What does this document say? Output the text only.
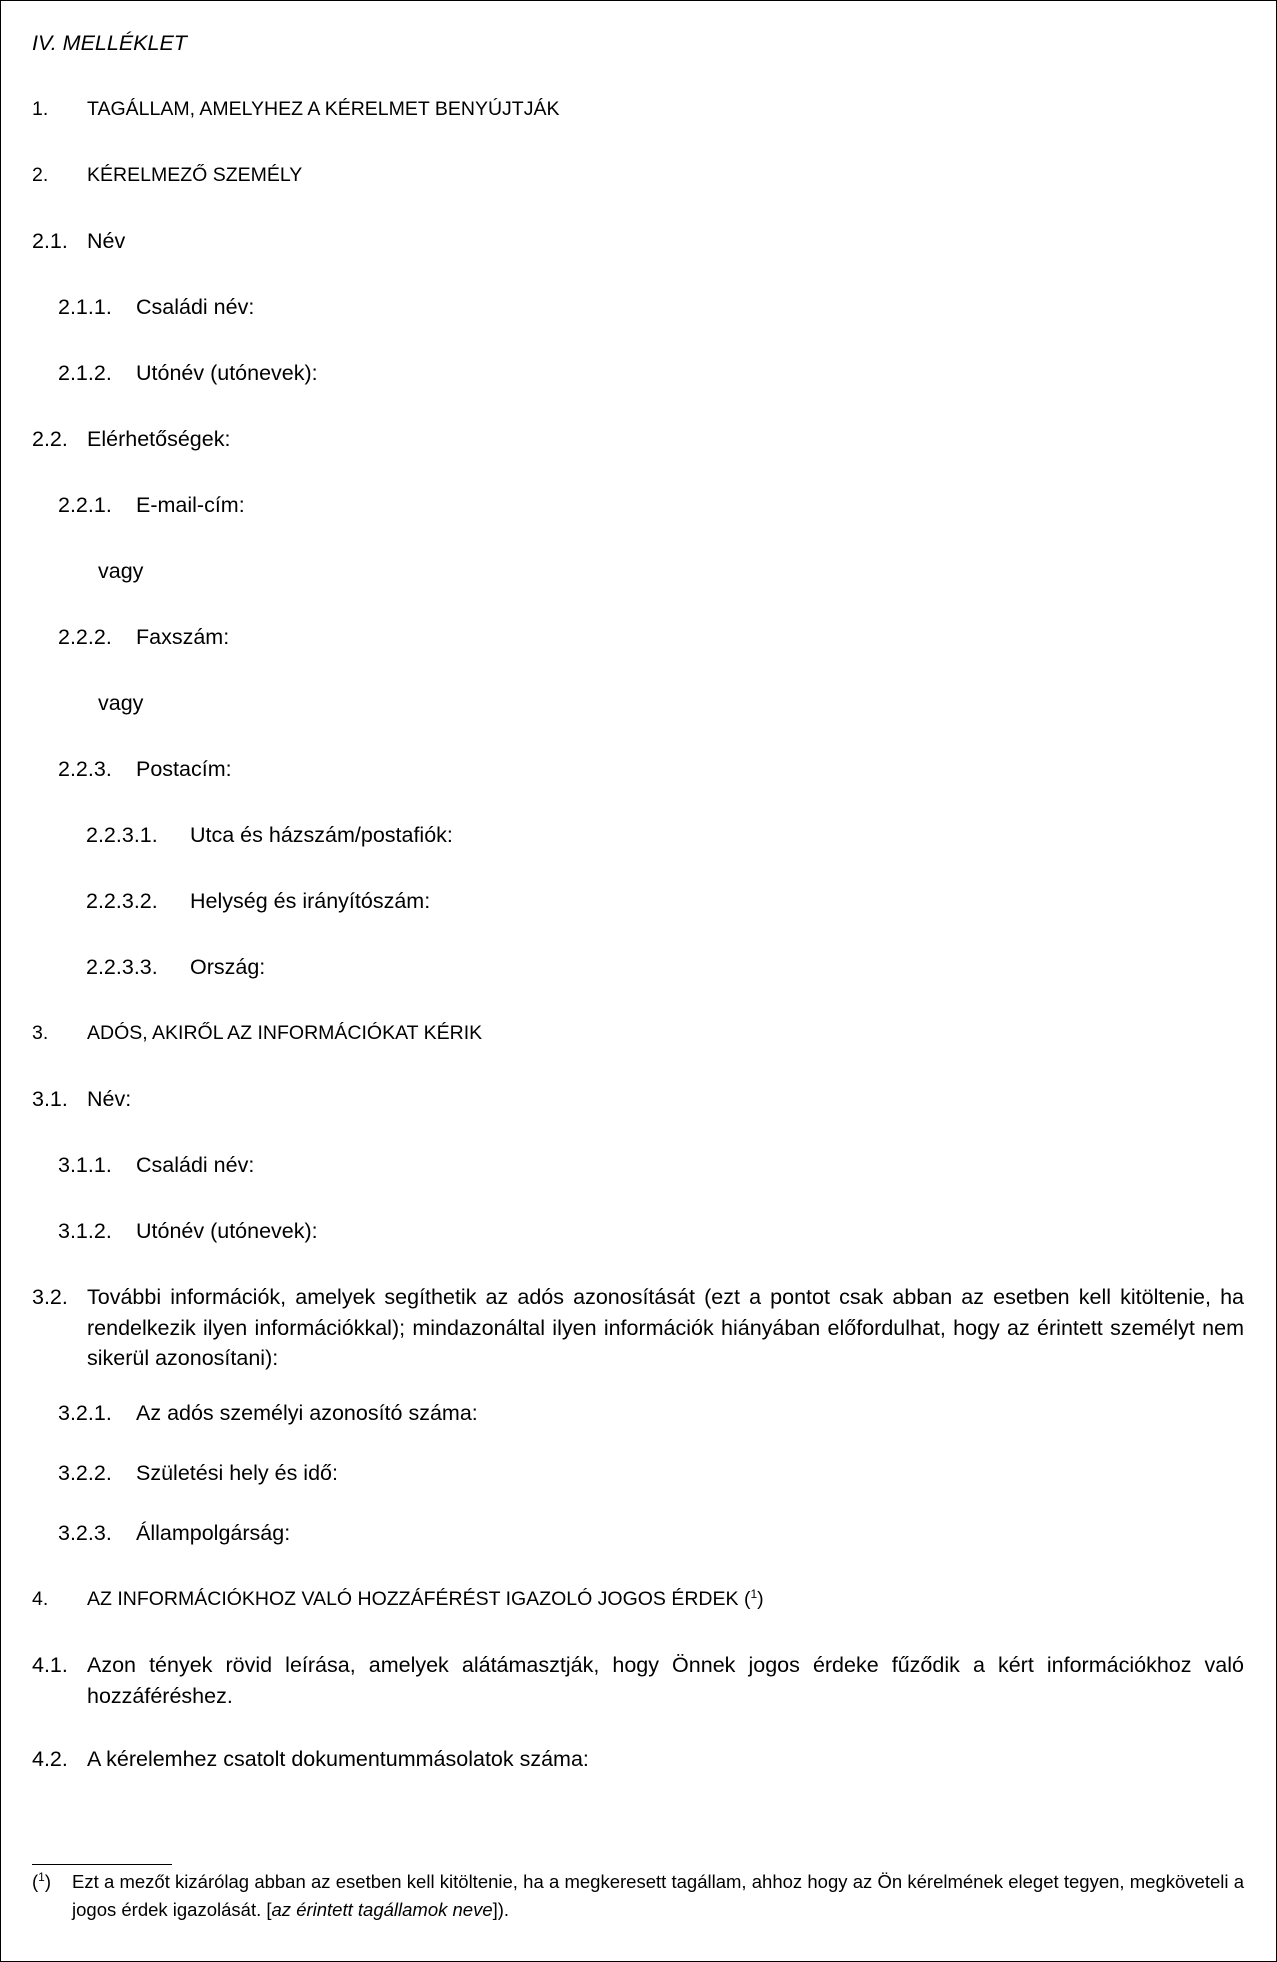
IV. MELLÉKLET
1. TAGÁLLAM, AMELYHEZ A KÉRELMET BENYÚJTJÁK
2. KÉRELMEZŐ SZEMÉLY
2.1. Név
2.1.1. Családi név:
2.1.2. Utónév (utónevek):
2.2. Elérhetőségek:
2.2.1. E-mail-cím:
vagy
2.2.2. Faxszám:
vagy
2.2.3. Postacím:
2.2.3.1. Utca és házszám/postafiók:
2.2.3.2. Helység és irányítószám:
2.2.3.3. Ország:
3. ADÓS, AKIRŐL AZ INFORMÁCIÓKAT KÉRIK
3.1. Név:
3.1.1. Családi név:
3.1.2. Utónév (utónevek):
3.2. További információk, amelyek segíthetik az adós azonosítását (ezt a pontot csak abban az esetben kell kitöltenie, ha rendelkezik ilyen információkkal); mindazonáltal ilyen információk hiányában előfordulhat, hogy az érintett személyt nem sikerül azonosítani):
3.2.1. Az adós személyi azonosító száma:
3.2.2. Születési hely és idő:
3.2.3. Állampolgárság:
4. AZ INFORMÁCIÓKHOZ VALÓ HOZZÁFÉRÉST IGAZOLÓ JOGOS ÉRDEK ($^1$)
4.1. Azon tények rövid leírása, amelyek alátámasztják, hogy Önnek jogos érdeke fűződik a kért információkhoz való hozzáféréshez.
4.2. A kérelemhez csatolt dokumentummásolatok száma:
($^1$) Ezt a mezőt kizárólag abban az esetben kell kitöltenie, ha a megkeresett tagállam, ahhoz hogy az Ön kérelmének eleget tegyen, megköveteli a jogos érdek igazolását. [az érintett tagállamok neve]).
